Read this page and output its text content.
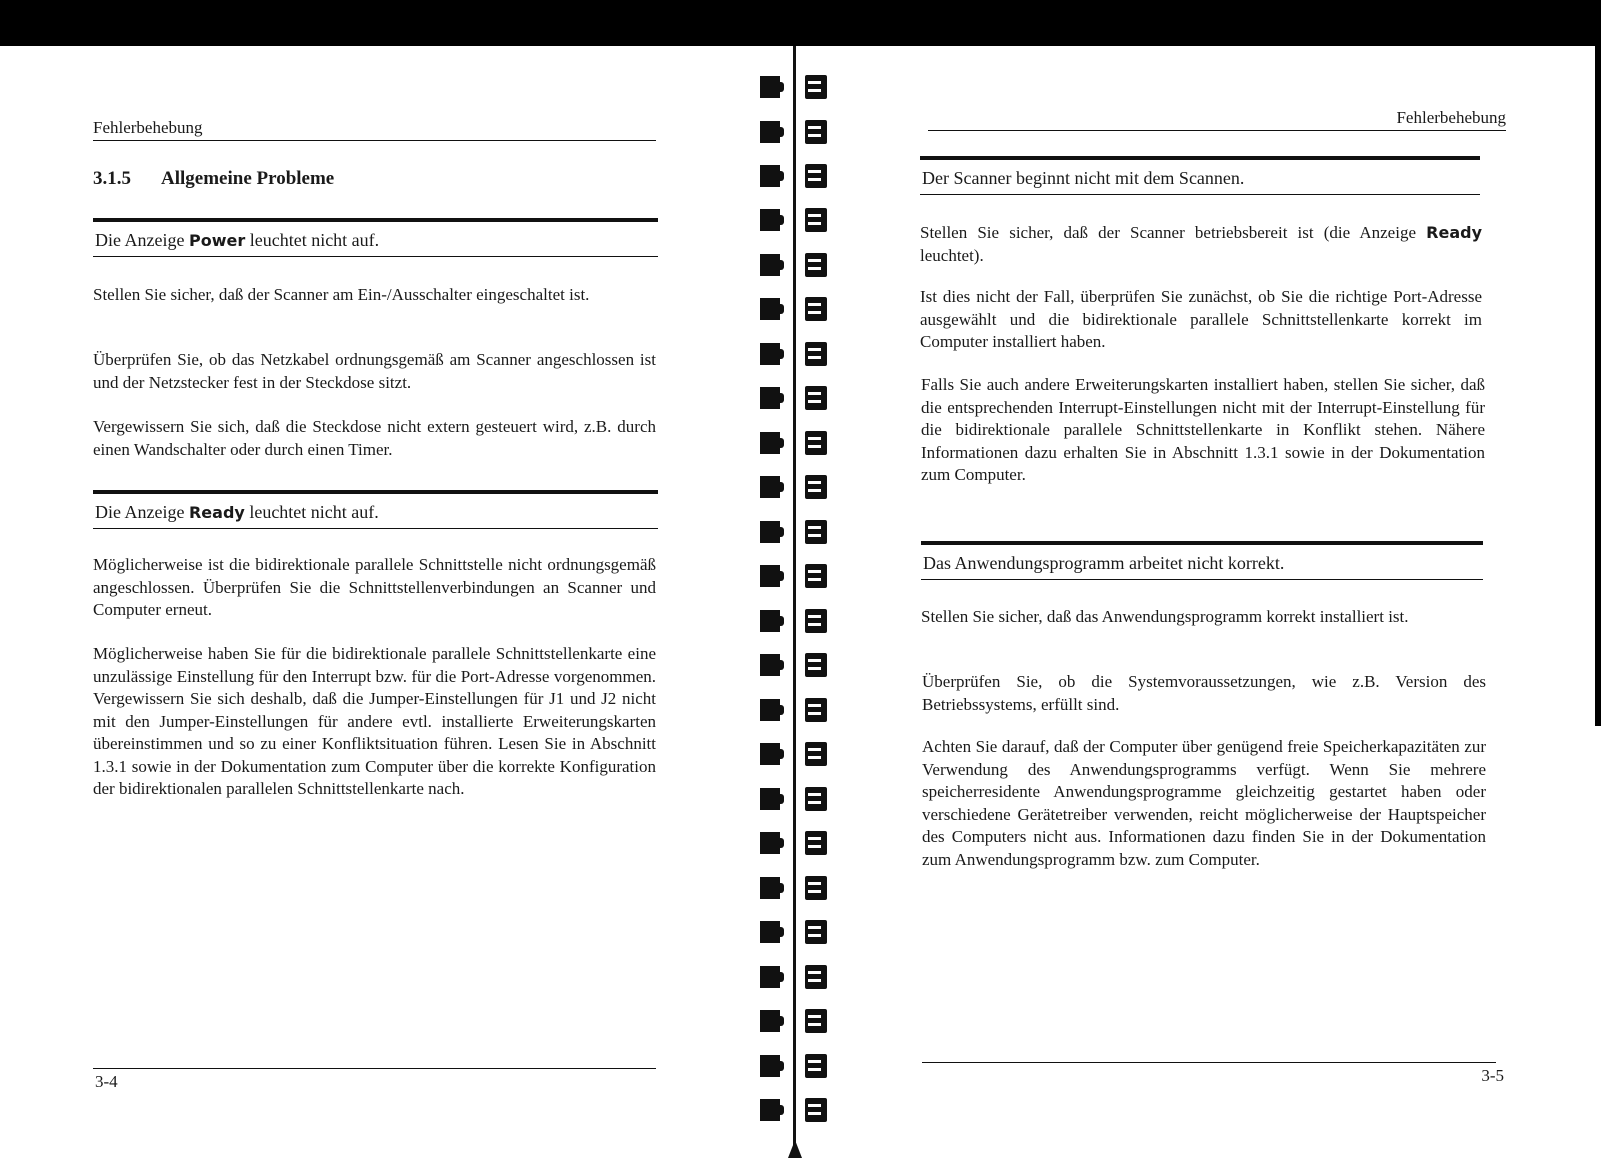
Fehlerbehebung
3.1.5 Allgemeine Probleme
Die Anzeige Power leuchtet nicht auf.

Stellen Sie sicher, daß der Scanner am Ein-/Ausschalter eingeschaltet ist.

Überprüfen Sie, ob das Netzkabel ordnungsgemäß am Scanner angeschlossen ist und der Netzstecker fest in der Steckdose sitzt.

Vergewissern Sie sich, daß die Steckdose nicht extern gesteuert wird, z.B. durch einen Wandschalter oder durch einen Timer.

Die Anzeige Ready leuchtet nicht auf.

Möglicherweise ist die bidirektionale parallele Schnittstelle nicht ordnungsgemäß angeschlossen. Überprüfen Sie die Schnittstellenverbindungen an Scanner und Computer erneut.

Möglicherweise haben Sie für die bidirektionale parallele Schnittstellenkarte eine unzulässige Einstellung für den Interrupt bzw. für die Port-Adresse vorgenommen. Vergewissern Sie sich deshalb, daß die Jumper-Einstellungen für J1 und J2 nicht mit den Jumper-Einstellungen für andere evtl. installierte Erweiterungskarten übereinstimmen und so zu einer Konfliktsituation führen. Lesen Sie in Abschnitt 1.3.1 sowie in der Dokumentation zum Computer über die korrekte Konfiguration der bidirektionalen parallelen Schnittstellenkarte nach.

3-4
Fehlerbehebung
Der Scanner beginnt nicht mit dem Scannen.

Stellen Sie sicher, daß der Scanner betriebsbereit ist (die Anzeige Ready leuchtet).

Ist dies nicht der Fall, überprüfen Sie zunächst, ob Sie die richtige Port-Adresse ausgewählt und die bidirektionale parallele Schnittstellenkarte korrekt im Computer installiert haben.

Falls Sie auch andere Erweiterungskarten installiert haben, stellen Sie sicher, daß die entsprechenden Interrupt-Einstellungen nicht mit der Interrupt-Einstellung für die bidirektionale parallele Schnittstellenkarte in Konflikt stehen. Nähere Informationen dazu erhalten Sie in Abschnitt 1.3.1 sowie in der Dokumentation zum Computer.

Das Anwendungsprogramm arbeitet nicht korrekt.

Stellen Sie sicher, daß das Anwendungsprogramm korrekt installiert ist.

Überprüfen Sie, ob die Systemvoraussetzungen, wie z.B. Version des Betriebssystems, erfüllt sind.

Achten Sie darauf, daß der Computer über genügend freie Speicherkapazitäten zur Verwendung des Anwendungsprogramms verfügt. Wenn Sie mehrere speicherresidente Anwendungsprogramme gleichzeitig gestartet haben oder verschiedene Gerätetreiber verwenden, reicht möglicherweise der Hauptspeicher des Computers nicht aus. Informationen dazu finden Sie in der Dokumentation zum Anwendungsprogramm bzw. zum Computer.

3-5
